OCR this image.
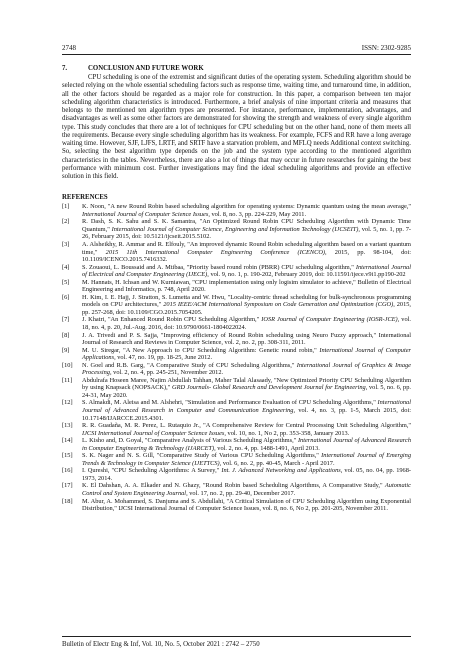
2748	ISSN: 2302-9285
7.	CONCLUSION AND FUTURE WORK

CPU scheduling is one of the extremist and significant duties of the operating system. Scheduling algorithm should be selected relying on the whole essential scheduling factors such as response time, waiting time, and turnaround time, in addition, all the other factors should be regarded as a major role for construction. In this paper, a comparison between ten major scheduling algorithm characteristics is introduced. Furthermore, a brief analysis of nine important criteria and measures that belongs to the mentioned ten algorithm types are presented. For instance, performance, implementation, advantages, and disadvantages as well as some other factors are demonstrated for showing the strength and weakness of every single algorithm type. This study concludes that there are a lot of techniques for CPU scheduling but on the other hand, none of them meets all the requirements. Because every single scheduling algorithm has its weakness. For example, FCFS and RR have a long average waiting time. However, SJF, LJFS, LRTF, and SRTF have a starvation problem, and MFLQ needs Additional context switching. So, selecting the best algorithm type depends on the job and the system type according to the mentioned algorithm characteristics in the tables. Nevertheless, there are also a lot of things that may occur in future researches for gaining the best performance with minimum cost. Further investigations may find the ideal scheduling algorithms and provide an effective solution in this field.

REFERENCES
[1]	K. Noon, "A new Round Robin based scheduling algorithm for operating systems: Dynamic quantum using the mean average," International Journal of Computer Science Issues, vol. 8, no. 3, pp. 224-229, May 2011.
[2]	R. Dash, S. K. Sahu and S. K. Samantra, "An Optimized Round Robin CPU Scheduling Algorithm with Dynamic Time Quantum," International Journal of Computer Science, Engineering and Information Technology (IJCSEIT), vol. 5, no. 1, pp. 7-26, February 2015, doi: 10.5121/ijcseit.2015.5102.
[3]	A. Alsheikhy, R. Ammar and R. Elfouly, "An improved dynamic Round Robin scheduling algorithm based on a variant quantum time," 2015 11th International Computer Engineering Conference (ICENCO), 2015, pp. 98-104, doi: 10.1109/ICENCO.2015.7416332.
[4]	S. Zouaoui, L. Boussaid and A. Mtibaa, "Priority based round robin (PBRR) CPU scheduling algorithm," International Journal of Electrical and Computer Engineering (IJECE), vol. 9, no. 1, p. 190-202, February 2019, doi: 10.11591/ijece.v9i1.pp190-202
[5]	M. Hannats, H. Ichsan and W. Kurniawan, "CPU implementation using only logisim simulator to achieve," Bulletin of Electrical Engineering and Informatics, p. 748, April 2020.
[6]	H. Kim, I. E. Hajj, J. Stratton, S. Lumetta and W. Hwu, "Locality-centric thread scheduling for bulk-synchronous programming models on CPU architectures," 2015 IEEE/ACM International Symposium on Code Generation and Optimization (CGO), 2015, pp. 257-268, doi: 10.1109/CGO.2015.7054205.
[7]	J. Khatri, "An Enhanced Round Robin CPU Scheduling Algorithm," IOSR Journal of Computer Engineering (IOSR-JCE), vol. 18, no. 4, p. 20, Jul.-Aug. 2016, doi: 10.9790/0661-1804022024.
[8]	J. A. Trivedi and P. S. Sajja, "Improving efficiency of Round Robin scheduling using Neuro Fuzzy approach," International Journal of Research and Reviews in Computer Science, vol. 2, no. 2, pp. 308-311, 2011.
[9]	M. U. Siregar, "A New Approach to CPU Scheduling Algorithm: Genetic round robin," International Journal of Computer Applications, vol. 47, no. 19, pp. 18-25, June 2012.
[10]	N. Goel and R.B. Garg, "A Comparative Study of CPU Scheduling Algorithms," International Journal of Graphics & Image Processing, vol. 2, no. 4, pp. 245-251, November 2012.
[11]	Abdulrafa Hoseen Maree, Najim Abdullah Tahhan, Maher Talal Alasaady, "New Optimized Priority CPU Scheduling Algorithm by using Knapsack (NOPSACK)," GRD Journals- Global Research and Development Journal for Engineering, vol. 5, no. 6, pp. 24-31, May 2020.
[12]	S. Almakdi, M. Aleisa and M. Alshehri, "Simulation and Performance Evaluation of CPU Scheduling Algorithms," International Journal of Advanced Research in Computer and Communication Engineering, vol. 4, no. 3, pp. 1-5, March 2015, doi: 10.17148/IJARCCE.2015.4301.
[13]	R. R. Guadaña, M. R. Perez, L. Rutaquio Jr., "A Comprehensive Review for Central Processing Unit Scheduling Algorithm," IJCSI International Journal of Computer Science Issues, vol. 10, no. 1, No 2, pp. 353-358, January 2013.
[14]	L. Kisho and, D. Goyal, "Comparative Analysis of Various Scheduling Algorithms," International Journal of Advanced Research in Computer Engineering & Technology (IJARCET), vol. 2, no. 4, pp. 1488-1491, April 2013.
[15]	S. K. Nager and N. S. Gill, "Comparative Study of Various CPU Scheduling Algorithms," International Journal of Emerging Trends & Technology in Computer Science (IJETTCS), vol. 6, no. 2, pp. 40-45, March - April 2017.
[16]	I. Qureshi, "CPU Scheduling Algorithms: A Survey," Int. J. Advanced Networking and Applications, vol. 05, no. 04, pp. 1968-1973, 2014.
[17]	K. El Dahshan, A. A. Elkader and N. Ghazy, "Round Robin based Scheduling Algorithms, A Comparative Study," Automatic Control and System Engineering Journal, vol. 17, no. 2, pp. 29-40, December 2017.
[18]	M. Abur, A. Mohammed, S. Danjuma and S. Abdullahi, "A Critical Simulation of CPU Scheduling Algorithm using Exponential Distribution," IJCSI International Journal of Computer Science Issues, vol. 8, no. 6, No 2, pp. 201-205, November 2011.
Bulletin of Electr Eng & Inf, Vol. 10, No. 5, October 2021 : 2742 – 2750
